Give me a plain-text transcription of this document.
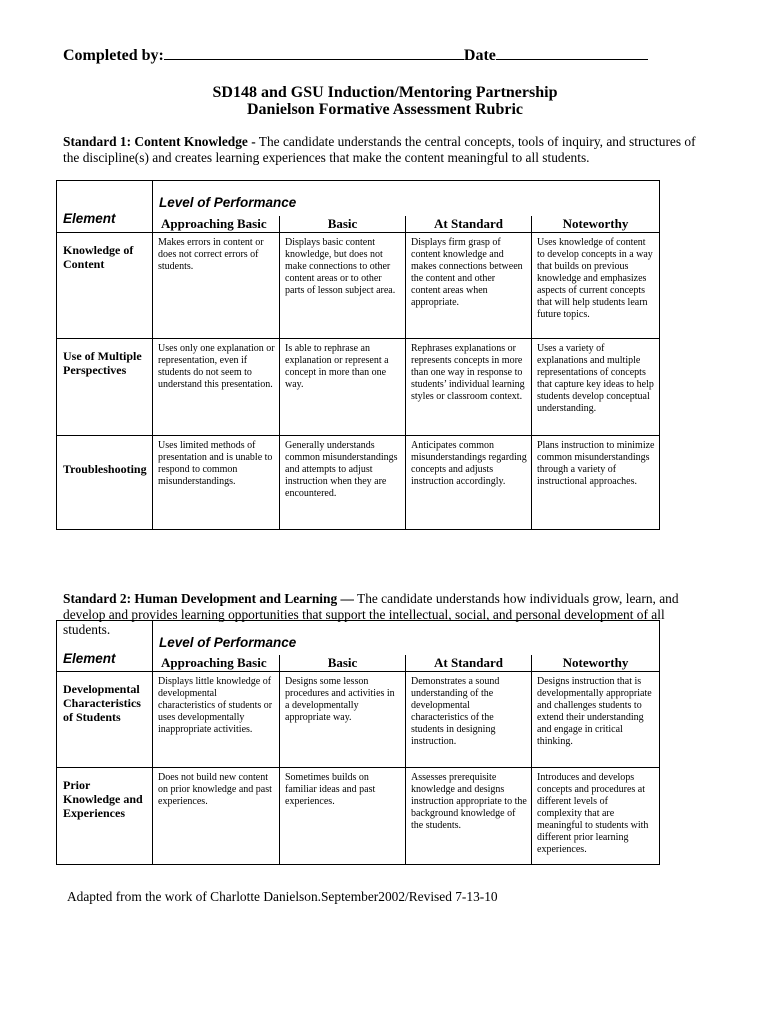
Completed by:	Date
SD148 and GSU Induction/Mentoring Partnership
Danielson Formative Assessment Rubric
Standard 1: Content Knowledge - The candidate understands the central concepts, tools of inquiry, and structures of the discipline(s) and creates learning experiences that make the content meaningful to all students.
Element	Level of Performance			
	Approaching Basic	Basic	At Standard	Noteworthy
Knowledge of Content	Makes errors in content or does not correct errors of students.	Displays basic content knowledge, but does not make connections to other content areas or to other parts of lesson subject area.	Displays firm grasp of content knowledge and makes connections between the content and other content areas when appropriate.	Uses knowledge of content to develop concepts in a way that builds on previous knowledge and emphasizes aspects of current concepts that will help students learn future topics.
Use of Multiple Perspectives	Uses only one explanation or representation, even if students do not seem to understand this presentation.	Is able to rephrase an explanation or represent a concept in more than one way.	Rephrases explanations or represents concepts in more than one way in response to students’ individual learning styles or classroom context.	Uses a variety of explanations and multiple representations of concepts that capture key ideas to help students develop conceptual understanding.
Troubleshooting	Uses limited methods of presentation and is unable to respond to common misunderstandings.	Generally understands common misunderstandings and attempts to adjust instruction when they are encountered.	Anticipates common misunderstandings regarding concepts and adjusts instruction accordingly.	Plans instruction to minimize common misunderstandings through a variety of instructional approaches.
Standard 2: Human Development and Learning — The candidate understands how individuals grow, learn, and develop and provides learning opportunities that support the intellectual, social, and personal development of all students.
Element	Level of Performance			
	Approaching Basic	Basic	At Standard	Noteworthy
Developmental Characteristics of Students	Displays little knowledge of developmental characteristics of students or uses developmentally inappropriate activities.	Designs some lesson procedures and activities in a developmentally appropriate way.	Demonstrates a sound understanding of the developmental characteristics of the students in designing instruction.	Designs instruction that is developmentally appropriate and challenges students to extend their understanding and engage in critical thinking.
Prior Knowledge and Experiences	Does not build new content on prior knowledge and past experiences.	Sometimes builds on familiar ideas and past experiences.	Assesses prerequisite knowledge and designs instruction appropriate to the background knowledge of the students.	Introduces and develops concepts and procedures at different levels of complexity that are meaningful to students with different prior learning experiences.
Adapted from the work of Charlotte Danielson.September2002/Revised 7-13-10
